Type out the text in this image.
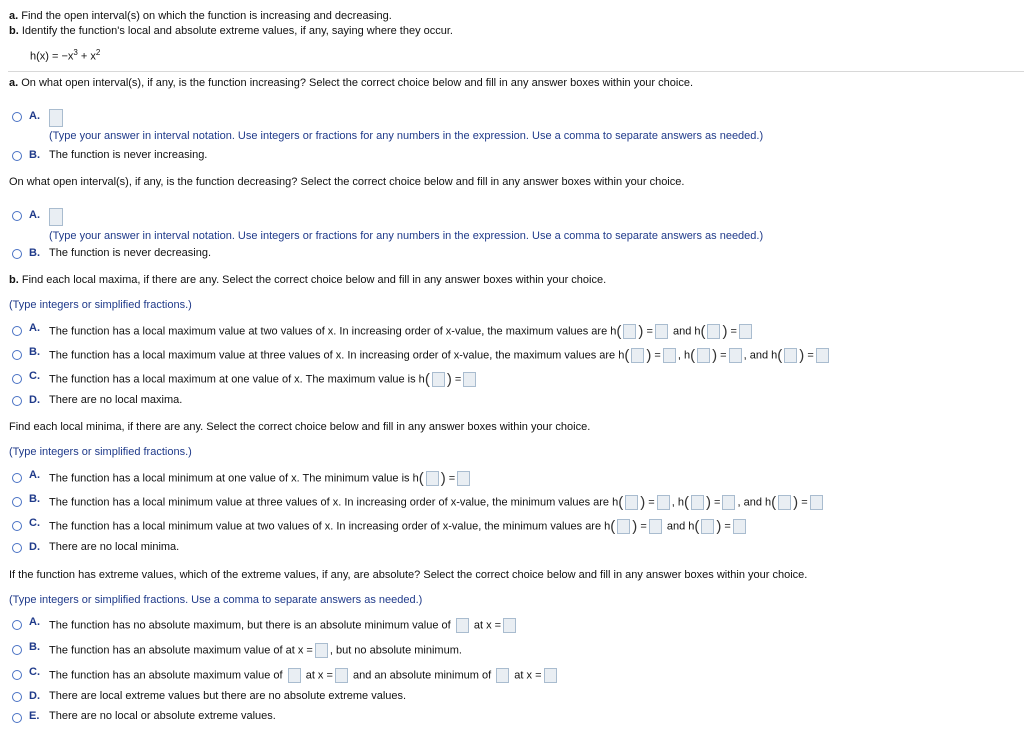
a. Find the open interval(s) on which the function is increasing and decreasing.
b. Identify the function's local and absolute extreme values, if any, saying where they occur.
$h(x) = -x^3 + x^2$
a. On what open interval(s), if any, is the function increasing? Select the correct choice below and fill in any answer boxes within your choice.
A.
(Type your answer in interval notation. Use integers or fractions for any numbers in the expression. Use a comma to separate answers as needed.)
B. The function is never increasing.
On what open interval(s), if any, is the function decreasing? Select the correct choice below and fill in any answer boxes within your choice.
A.
(Type your answer in interval notation. Use integers or fractions for any numbers in the expression. Use a comma to separate answers as needed.)
B. The function is never decreasing.
b. Find each local maxima, if there are any. Select the correct choice below and fill in any answer boxes within your choice.
(Type integers or simplified fractions.)
A. The function has a local maximum value at two values of x. In increasing order of x-value, the maximum values are h( ) = and h( ) =
B. The function has a local maximum value at three values of x. In increasing order of x-value, the maximum values are h( ) = , h( ) = , and h( ) =
C. The function has a local maximum at one value of x. The maximum value is h( ) =
D. There are no local maxima.
Find each local minima, if there are any. Select the correct choice below and fill in any answer boxes within your choice.
(Type integers or simplified fractions.)
A. The function has a local minimum at one value of x. The minimum value is h( ) =
B. The function has a local minimum value at three values of x. In increasing order of x-value, the minimum values are h( ) = , h( ) = , and h( ) =
C. The function has a local minimum value at two values of x. In increasing order of x-value, the minimum values are h( ) = and h( ) =
D. There are no local minima.
If the function has extreme values, which of the extreme values, if any, are absolute? Select the correct choice below and fill in any answer boxes within your choice.
(Type integers or simplified fractions. Use a comma to separate answers as needed.)
A. The function has no absolute maximum, but there is an absolute minimum value of at x =
B. The function has an absolute maximum value of at x = , but no absolute minimum.
C. The function has an absolute maximum value of at x = and an absolute minimum of at x =
D. There are local extreme values but there are no absolute extreme values.
E. There are no local or absolute extreme values.
